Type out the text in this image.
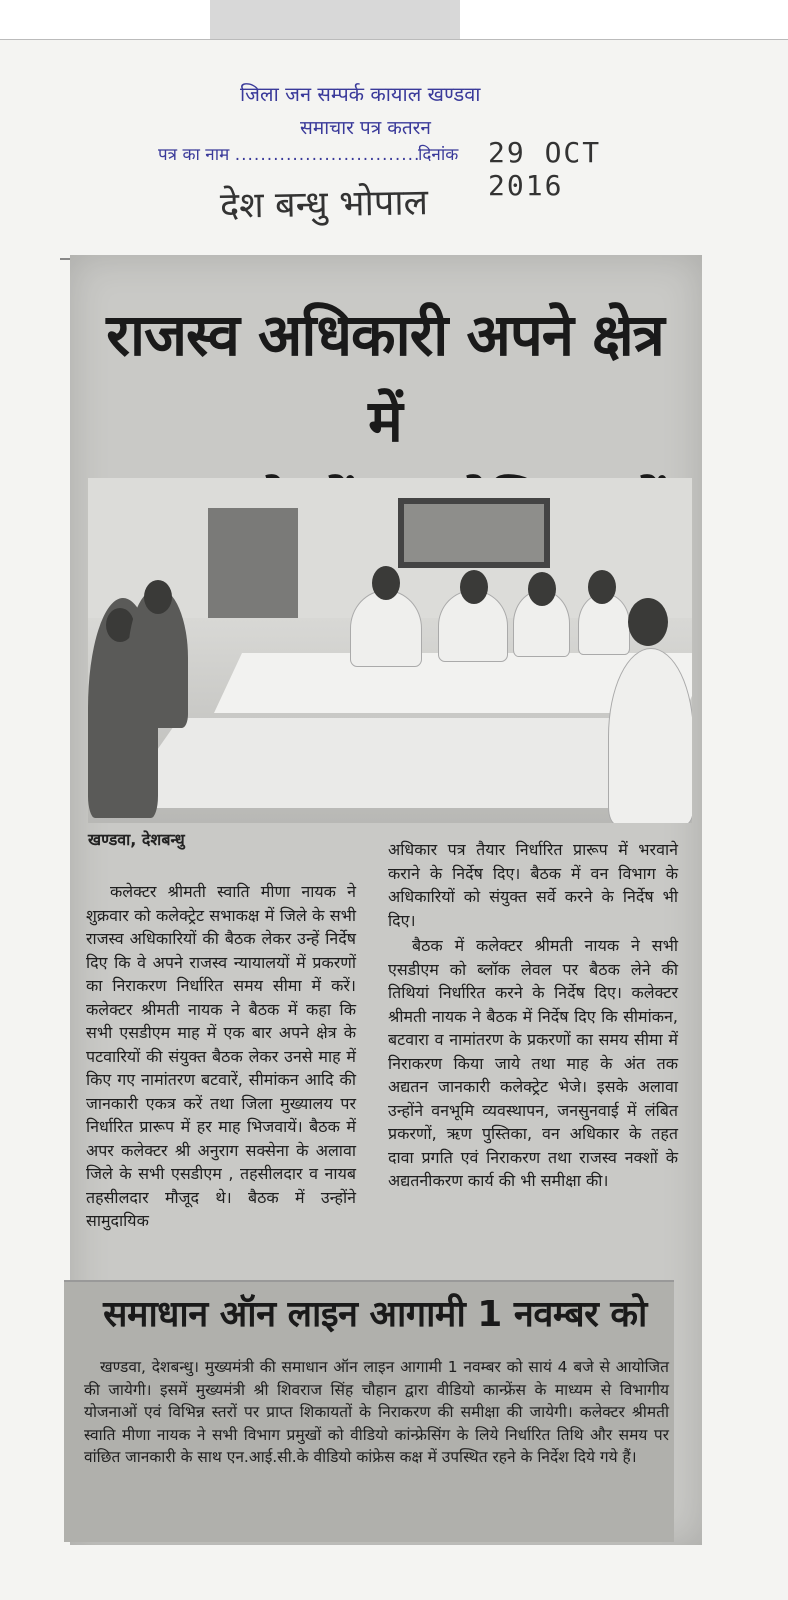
जिला जन सम्पर्क कायाल खण्डवा
समाचार पत्र कतरन
पत्र का नाम .............................
दिनांक 29 OCT 2016
देश बन्धु भोपाल
राजस्व अधिकारी अपने क्षेत्र में
खण्डवा, देशबन्धु
कलेक्टर श्रीमती स्वाति मीणा नायक ने शुक्रवार को कलेक्ट्रेट सभाकक्ष में जिले के सभी राजस्व अधिकारियों की बैठक लेकर उन्हें निर्देष दिए कि वे अपने राजस्व न्यायालयों में प्रकरणों का निराकरण निर्धारित समय सीमा में करें। कलेक्टर श्रीमती नायक ने बैठक में कहा कि सभी एसडीएम माह में एक बार अपने क्षेत्र के पटवारियों की संयुक्त बैठक लेकर उनसे माह में किए गए नामांतरण बटवारें, सीमांकन आदि की जानकारी एकत्र करें तथा जिला मुख्यालय पर निर्धारित प्रारूप में हर माह भिजवायें। बैठक में अपर कलेक्टर श्री अनुराग सक्सेना के अलावा जिले के सभी एसडीएम , तहसीलदार व नायब तहसीलदार मौजूद थे। बैठक में उन्होंने सामुदायिक

अधिकार पत्र तैयार निर्धारित प्रारूप में भरवाने कराने के निर्देष दिए। बैठक में वन विभाग के अधिकारियों को संयुक्त सर्वे करने के निर्देष भी दिए।

बैठक में कलेक्टर श्रीमती नायक ने सभी एसडीएम को ब्लॉक लेवल पर बैठक लेने की तिथियां निर्धारित करने के निर्देष दिए। कलेक्टर श्रीमती नायक ने बैठक में निर्देष दिए कि सीमांकन, बटवारा व नामांतरण के प्रकरणों का समय सीमा में निराकरण किया जाये तथा माह के अंत तक अद्यतन जानकारी कलेक्ट्रेट भेजे। इसके अलावा उन्होंने वनभूमि व्यवस्थापन, जनसुनवाई में लंबित प्रकरणों, ऋण पुस्तिका, वन अधिकार के तहत दावा प्रगति एवं निराकरण तथा राजस्व नक्शों के अद्यतनीकरण कार्य की भी समीक्षा की।

समाधान ऑन लाइन आगामी 1 नवम्बर को
खण्डवा, देशबन्धु। मुख्यमंत्री की समाधान ऑन लाइन आगामी 1 नवम्बर को सायं 4 बजे से आयोजित की जायेगी। इसमें मुख्यमंत्री श्री शिवराज सिंह चौहान द्वारा वीडियो कान्फ्रेंस के माध्यम से विभागीय योजनाओं एवं विभिन्न स्तरों पर प्राप्त शिकायतों के निराकरण की समीक्षा की जायेगी। कलेक्टर श्रीमती स्वाति मीणा नायक ने सभी विभाग प्रमुखों को वीडियो कांन्फ्रेसिंग के लिये निर्धारित तिथि और समय पर वांछित जानकारी के साथ एन.आई.सी.के वीडियो कांफ्रेस कक्ष में उपस्थित रहने के निर्देश दिये गये हैं।
